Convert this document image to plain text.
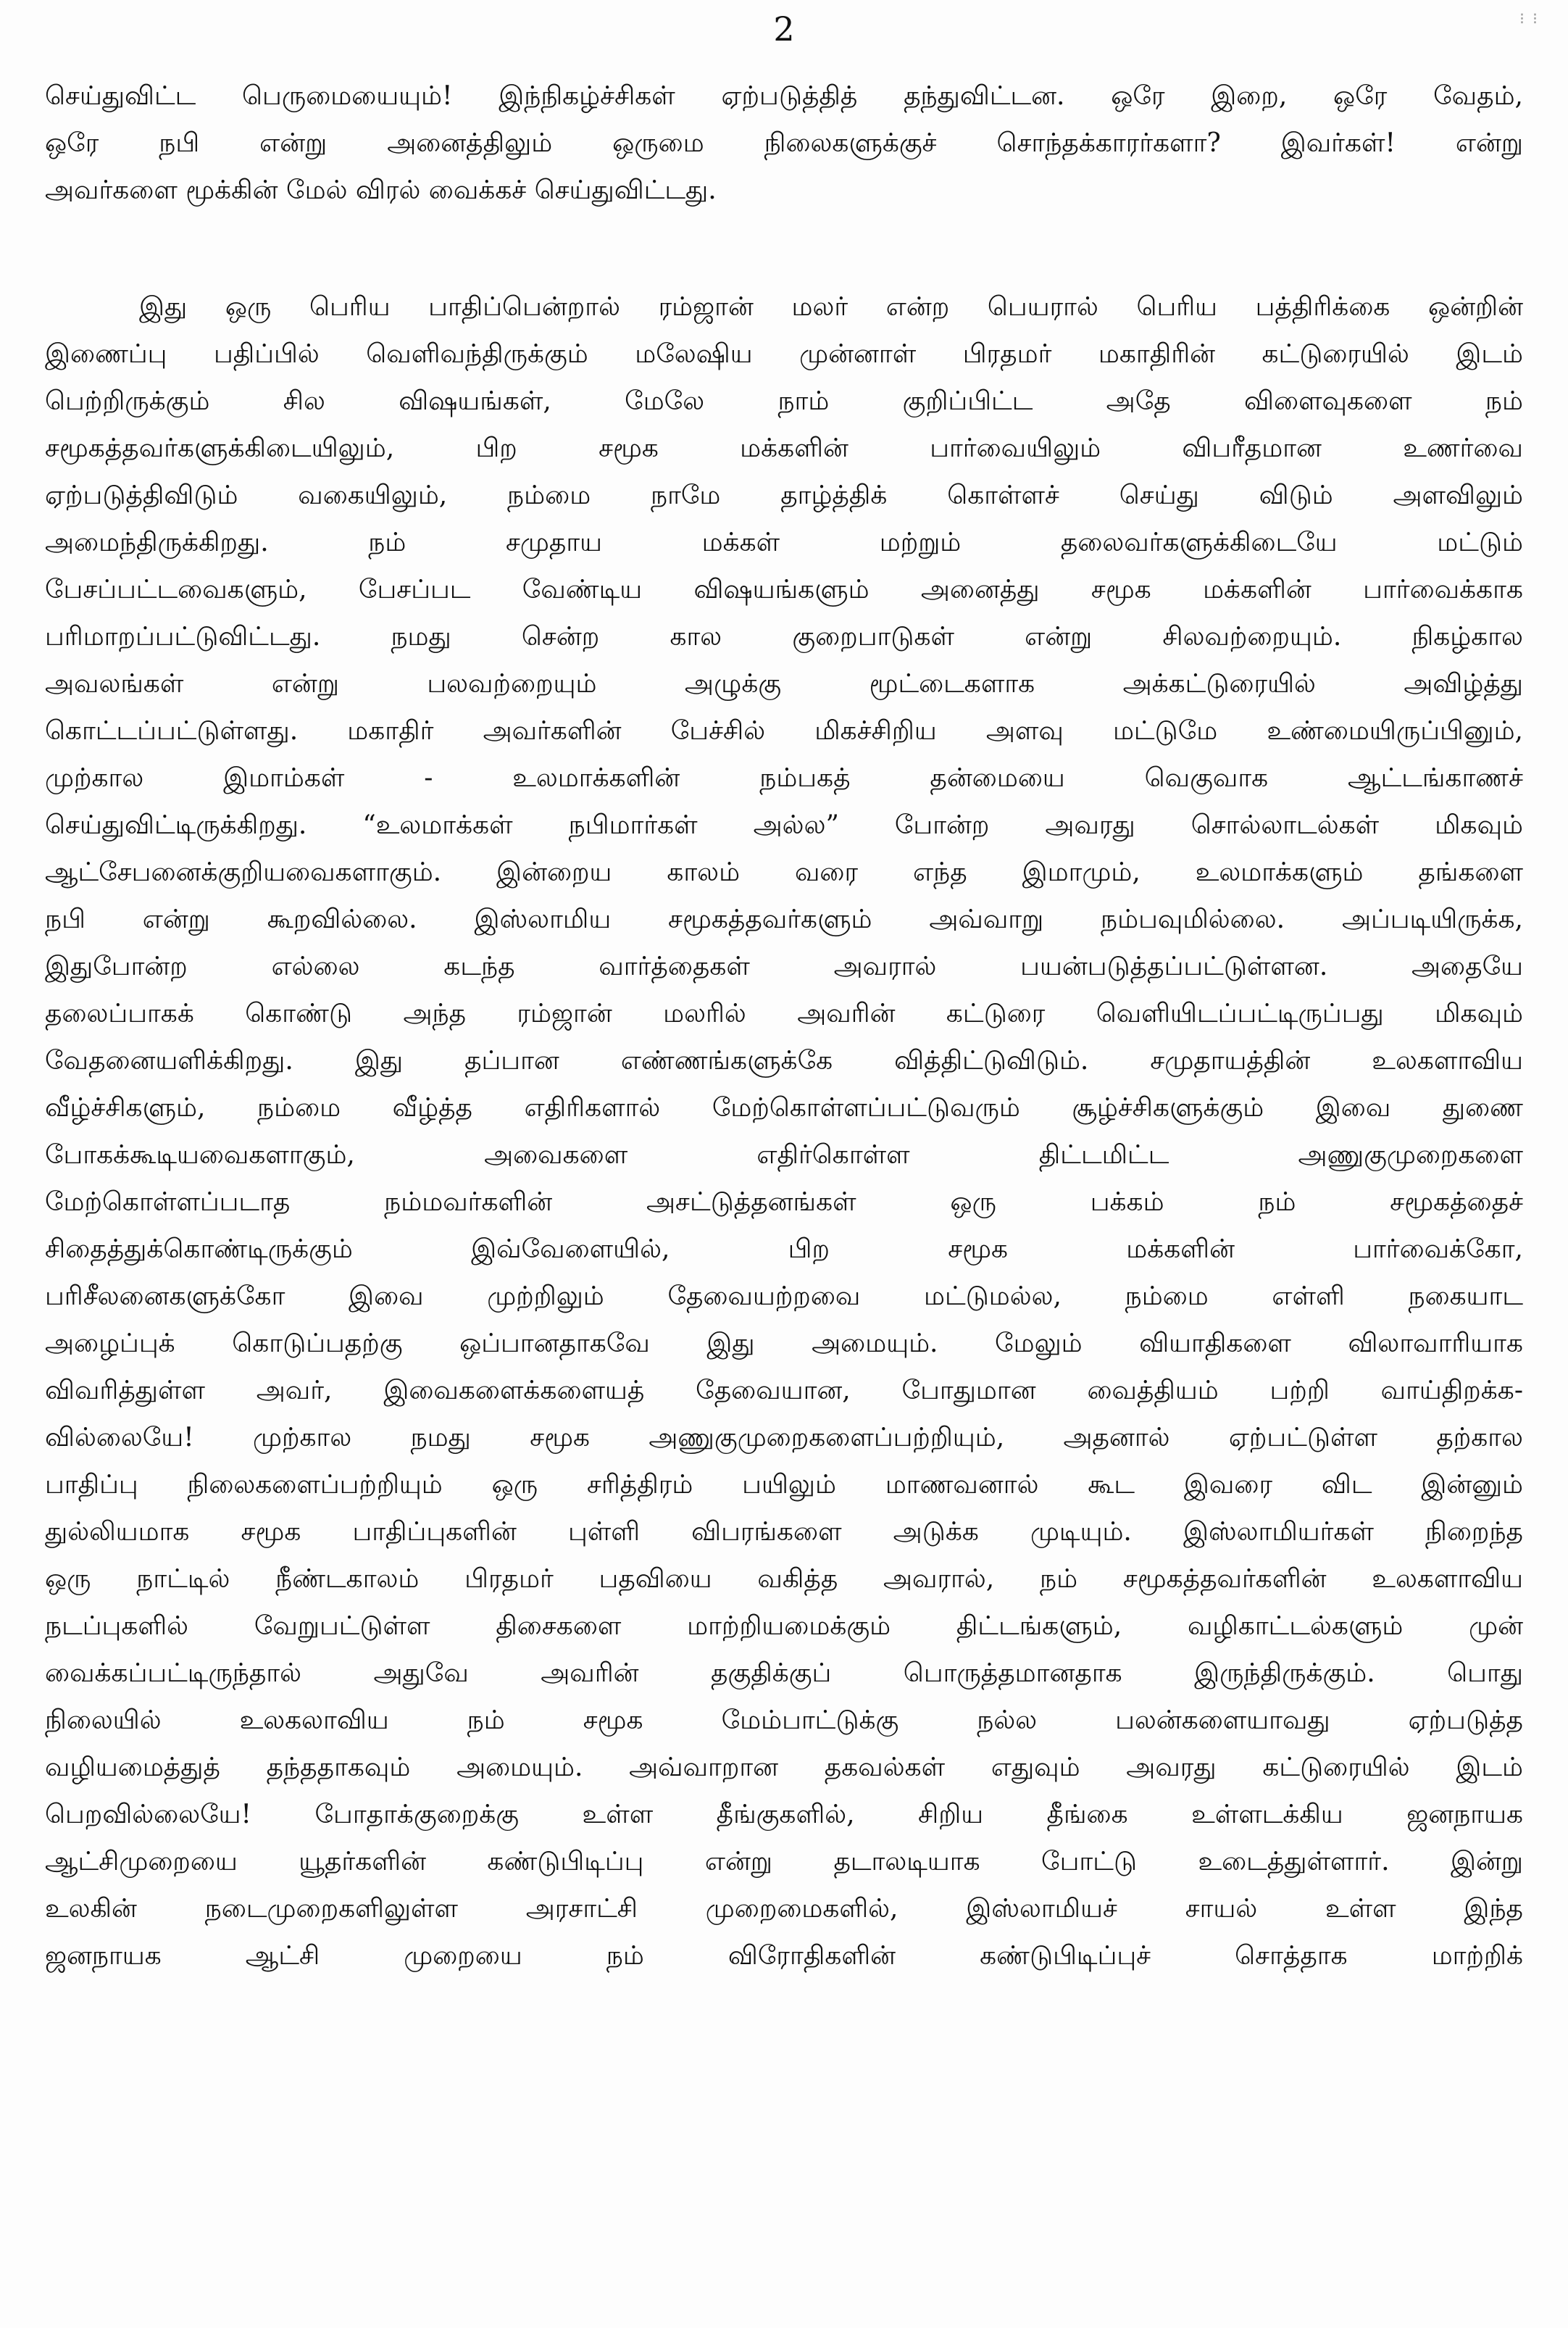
2	⁝ ⁝
செய்துவிட்ட பெருமையையும்! இந்நிகழ்ச்சிகள் ஏற்படுத்தித் தந்துவிட்டன. ஒரே இறை, ஒரே வேதம்,
ஒரே நபி என்று அனைத்திலும் ஒருமை நிலைகளுக்குச் சொந்தக்காரர்களா? இவர்கள்! என்று
அவர்களை மூக்கின் மேல் விரல் வைக்கச் செய்துவிட்டது.
இது ஒரு பெரிய பாதிப்பென்றால் ரம்ஜான் மலர் என்ற பெயரால் பெரிய பத்திரிக்கை ஒன்றின்
இணைப்பு பதிப்பில் வெளிவந்திருக்கும் மலேஷிய முன்னாள் பிரதமர் மகாதிரின் கட்டுரையில் இடம்
பெற்றிருக்கும் சில விஷயங்கள், மேலே நாம் குறிப்பிட்ட அதே விளைவுகளை நம்
சமூகத்தவர்களுக்கிடையிலும், பிற சமூக மக்களின் பார்வையிலும் விபரீதமான உணர்வை
ஏற்படுத்திவிடும் வகையிலும், நம்மை நாமே தாழ்த்திக் கொள்ளச் செய்து விடும் அளவிலும்
அமைந்திருக்கிறது. நம் சமுதாய மக்கள் மற்றும் தலைவர்களுக்கிடையே மட்டும்
பேசப்பட்டவைகளும், பேசப்பட வேண்டிய விஷயங்களும் அனைத்து சமூக மக்களின் பார்வைக்காக
பரிமாறப்பட்டுவிட்டது. நமது சென்ற கால குறைபாடுகள் என்று சிலவற்றையும். நிகழ்கால
அவலங்கள் என்று பலவற்றையும் அழுக்கு மூட்டைகளாக அக்கட்டுரையில் அவிழ்த்து
கொட்டப்பட்டுள்ளது. மகாதிர் அவர்களின் பேச்சில் மிகச்சிறிய அளவு மட்டுமே உண்மையிருப்பினும்,
முற்கால இமாம்கள் - உலமாக்களின் நம்பகத் தன்மையை வெகுவாக ஆட்டங்காணச்
செய்துவிட்டிருக்கிறது. “உலமாக்கள் நபிமார்கள் அல்ல” போன்ற அவரது சொல்லாடல்கள் மிகவும்
ஆட்சேபனைக்குறியவைகளாகும். இன்றைய காலம் வரை எந்த இமாமும், உலமாக்களும் தங்களை
நபி என்று கூறவில்லை. இஸ்லாமிய சமூகத்தவர்களும் அவ்வாறு நம்பவுமில்லை. அப்படியிருக்க,
இதுபோன்ற எல்லை கடந்த வார்த்தைகள் அவரால் பயன்படுத்தப்பட்டுள்ளன. அதையே
தலைப்பாகக் கொண்டு அந்த ரம்ஜான் மலரில் அவரின் கட்டுரை வெளியிடப்பட்டிருப்பது மிகவும்
வேதனையளிக்கிறது. இது தப்பான எண்ணங்களுக்கே வித்திட்டுவிடும். சமுதாயத்தின் உலகளாவிய
வீழ்ச்சிகளும், நம்மை வீழ்த்த எதிரிகளால் மேற்கொள்ளப்பட்டுவரும் சூழ்ச்சிகளுக்கும் இவை துணை
போகக்கூடியவைகளாகும், அவைகளை எதிர்கொள்ள திட்டமிட்ட அணுகுமுறைகளை
மேற்கொள்ளப்படாத நம்மவர்களின் அசட்டுத்தனங்கள் ஒரு பக்கம் நம் சமூகத்தைச்
சிதைத்துக்கொண்டிருக்கும் இவ்வேளையில், பிற சமூக மக்களின் பார்வைக்கோ,
பரிசீலனைகளுக்கோ இவை முற்றிலும் தேவையற்றவை மட்டுமல்ல, நம்மை எள்ளி நகையாட
அழைப்புக் கொடுப்பதற்கு ஒப்பானதாகவே இது அமையும். மேலும் வியாதிகளை விலாவாரியாக
விவரித்துள்ள அவர், இவைகளைக்களையத் தேவையான, போதுமான வைத்தியம் பற்றி வாய்திறக்க-
வில்லையே! முற்கால நமது சமூக அணுகுமுறைகளைப்பற்றியும், அதனால் ஏற்பட்டுள்ள தற்கால
பாதிப்பு நிலைகளைப்பற்றியும் ஒரு சரித்திரம் பயிலும் மாணவனால் கூட இவரை விட இன்னும்
துல்லியமாக சமூக பாதிப்புகளின் புள்ளி விபரங்களை அடுக்க முடியும். இஸ்லாமியர்கள் நிறைந்த
ஒரு நாட்டில் நீண்டகாலம் பிரதமர் பதவியை வகித்த அவரால், நம் சமூகத்தவர்களின் உலகளாவிய
நடப்புகளில் வேறுபட்டுள்ள திசைகளை மாற்றியமைக்கும் திட்டங்களும், வழிகாட்டல்களும் முன்
வைக்கப்பட்டிருந்தால் அதுவே அவரின் தகுதிக்குப் பொருத்தமானதாக இருந்திருக்கும். பொது
நிலையில் உலகலாவிய நம் சமூக மேம்பாட்டுக்கு நல்ல பலன்களையாவது ஏற்படுத்த
வழியமைத்துத் தந்ததாகவும் அமையும். அவ்வாறான தகவல்கள் எதுவும் அவரது கட்டுரையில் இடம்
பெறவில்லையே! போதாக்குறைக்கு உள்ள தீங்குகளில், சிறிய தீங்கை உள்ளடக்கிய ஜனநாயக
ஆட்சிமுறையை யூதர்களின் கண்டுபிடிப்பு என்று தடாலடியாக போட்டு உடைத்துள்ளார். இன்று
உலகின் நடைமுறைகளிலுள்ள அரசாட்சி முறைமைகளில், இஸ்லாமியச் சாயல் உள்ள இந்த
ஜனநாயக ஆட்சி முறையை நம் விரோதிகளின் கண்டுபிடிப்புச் சொத்தாக மாற்றிக்
